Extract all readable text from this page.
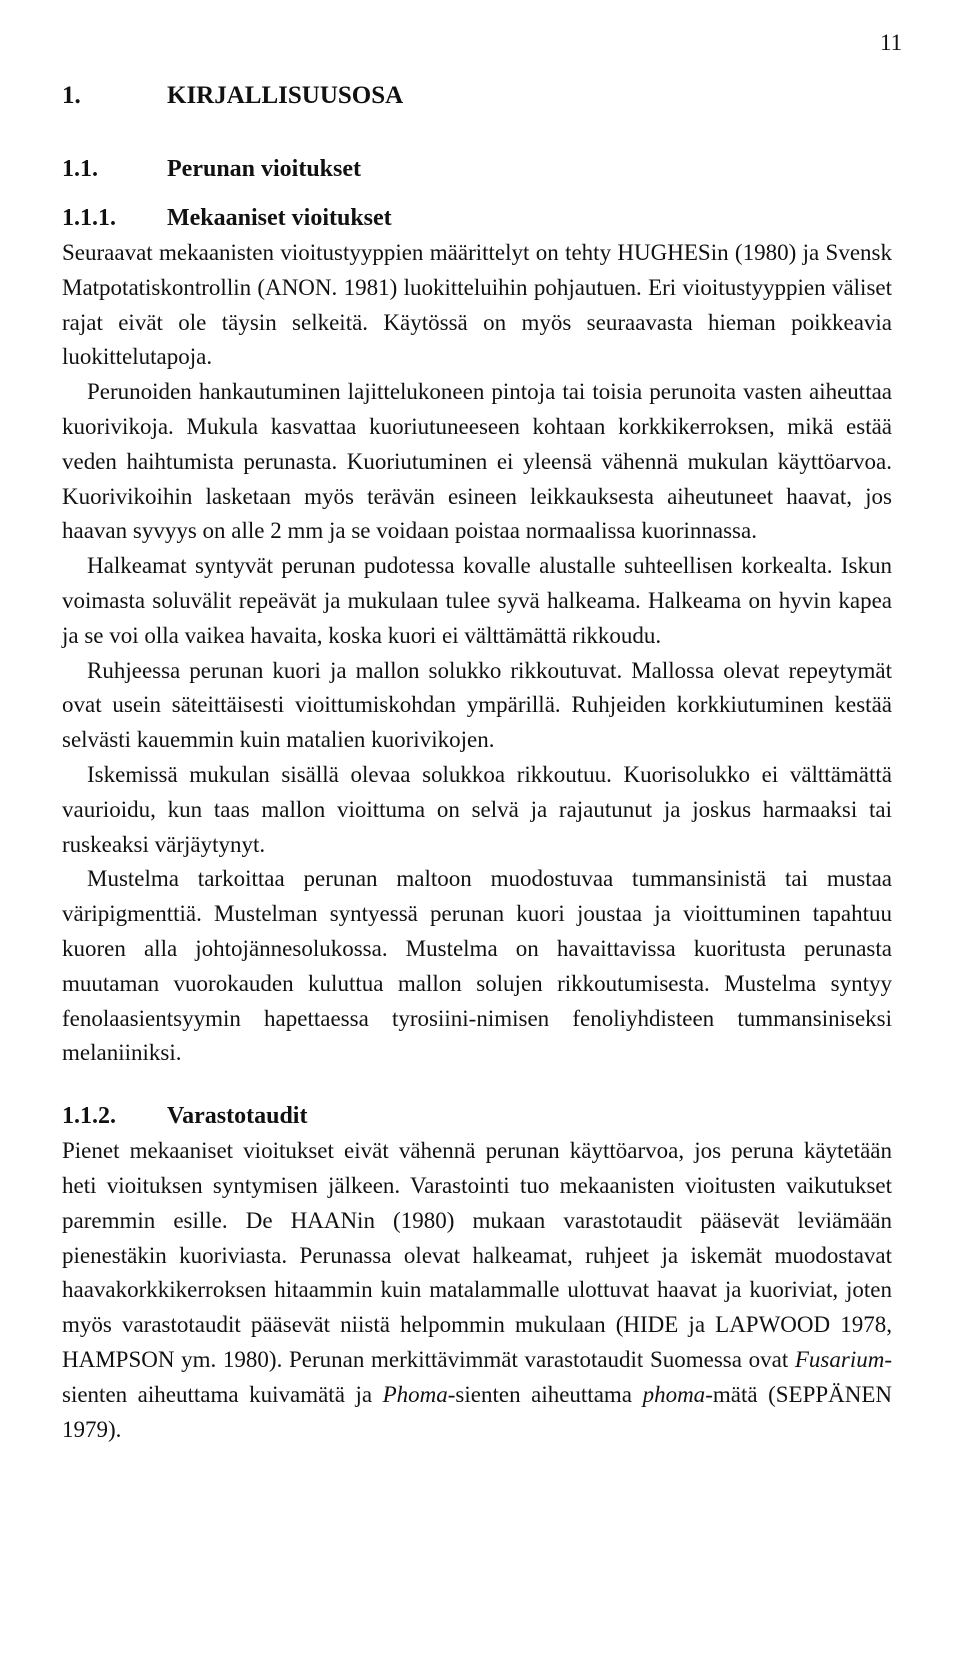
11
1.	KIRJALLISUUSOSA
1.1.	Perunan vioitukset
1.1.1.	Mekaaniset vioitukset

Seuraavat mekaanisten vioitustyyppien määrittelyt on tehty HUGHESin (1980) ja Svensk Matpotatiskontrollin (ANON. 1981) luokitteluihin pohjautuen. Eri vioitustyyppien väliset rajat eivät ole täysin selkeitä. Käytössä on myös seuraavasta hieman poikkeavia luokittelutapoja.

Perunoiden hankautuminen lajittelukoneen pintoja tai toisia perunoita vasten aiheuttaa kuorivikoja. Mukula kasvattaa kuoriutuneeseen kohtaan korkkikerroksen, mikä estää veden haihtumista perunasta. Kuoriutuminen ei yleensä vähennä mukulan käyttöarvoa. Kuorivikoihin lasketaan myös terävän esineen leikkauksesta aiheutuneet haavat, jos haavan syvyys on alle 2 mm ja se voidaan poistaa normaalissa kuorinnassa.

Halkeamat syntyvät perunan pudotessa kovalle alustalle suhteellisen korkealta. Iskun voimasta soluvälit repeävät ja mukulaan tulee syvä halkeama. Halkeama on hyvin kapea ja se voi olla vaikea havaita, koska kuori ei välttämättä rikkoudu.

Ruhjeessa perunan kuori ja mallon solukko rikkoutuvat. Mallossa olevat repeytymät ovat usein säteittäisesti vioittumiskohdan ympärillä. Ruhjeiden korkkiutuminen kestää selvästi kauemmin kuin matalien kuorivikojen.

Iskemissä mukulan sisällä olevaa solukkoa rikkoutuu. Kuorisolukko ei välttämättä vaurioidu, kun taas mallon vioittuma on selvä ja rajautunut ja joskus harmaaksi tai ruskeaksi värjäytynyt.

Mustelma tarkoittaa perunan maltoon muodostuvaa tummansinistä tai mustaa väripigmenttiä. Mustelman syntyessä perunan kuori joustaa ja vioittuminen tapahtuu kuoren alla johtojännesolukossa. Mustelma on havaittavissa kuoritusta perunasta muutaman vuorokauden kuluttua mallon solujen rikkoutumisesta. Mustelma syntyy fenolaasientsyymin hapettaessa tyrosiini-nimisen fenoliyhdisteen tummansiniseksi melaniiniksi.

1.1.2.	Varastotaudit

Pienet mekaaniset vioitukset eivät vähennä perunan käyttöarvoa, jos peruna käytetään heti vioituksen syntymisen jälkeen. Varastointi tuo mekaanisten vioitusten vaikutukset paremmin esille. De HAANin (1980) mukaan varastotaudit pääsevät leviämään pienestäkin kuoriviasta. Perunassa olevat halkeamat, ruhjeet ja iskemät muodostavat haavakorkkikerroksen hitaammin kuin matalammalle ulottuvat haavat ja kuoriviat, joten myös varastotaudit pääsevät niistä helpommin mukulaan (HIDE ja LAPWOOD 1978, HAMPSON ym. 1980). Perunan merkittävimmät varastotaudit Suomessa ovat Fusarium-sienten aiheuttama kuivamätä ja Phoma-sienten aiheuttama phoma-mätä (SEPPÄNEN 1979).
